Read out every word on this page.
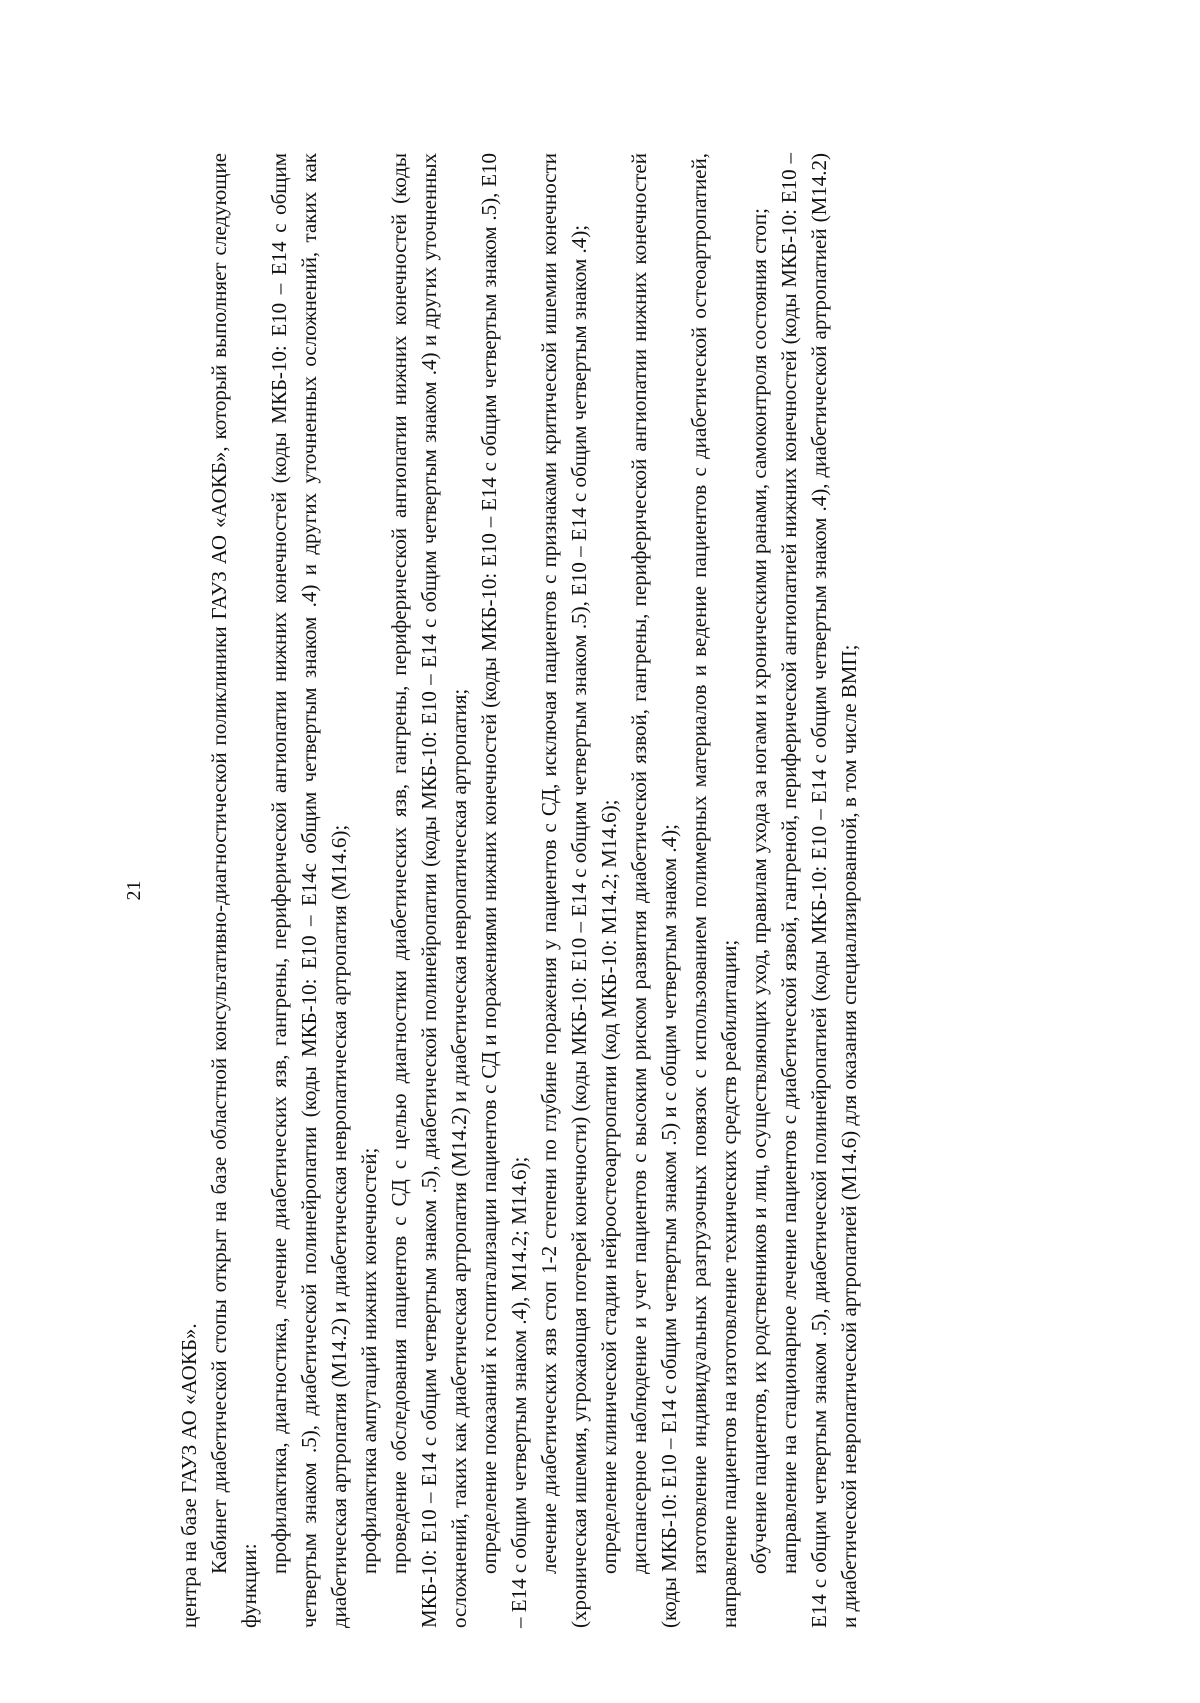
21

центра на базе ГАУЗ АО «АОКБ». Кабинет диабетической стопы открыт на базе областной консультативно-диагностической поликлиники ГАУЗ АО «АОКБ», который выполняет следующие функции:

профилактика, диагностика, лечение диабетических язв, гангрены, периферической ангиопатии нижних конечностей (коды МКБ-10: E10 – E14 с общим четвертым знаком .5), диабетической полинейропатии (коды МКБ-10: E10 – E14с общим четвертым знаком .4) и других уточненных осложнений, таких как диабетическая артропатия (M14.2) и диабетическая невропатическая артропатия (M14.6); профилактика ампутаций нижних конечностей; проведение обследования пациентов с СД с целью диагностики диабетических язв, гангрены, периферической ангиопатии нижних конечностей (коды МКБ-10: E10 – E14 с общим четвертым знаком .5), диабетической полинейропатии (коды МКБ-10: E10 – E14 с общим четвертым знаком .4) и других уточненных осложнений, таких как диабетическая артропатия (M14.2) и диабетическая невропатическая артропатия; определение показаний к госпитализации пациентов с СД и поражениями нижних конечностей (коды МКБ-10: E10 – E14 с общим четвертым знаком .5), E10 – E14 с общим четвертым знаком .4), M14.2; M14.6); лечение диабетических язв стоп 1-2 степени по глубине поражения у пациентов с СД, исключая пациентов с признаками критической ишемии конечности (хроническая ишемия, угрожающая потерей конечности) (коды МКБ-10: E10 – E14 с общим четвертым знаком .5), E10 – E14 с общим четвертым знаком .4); определение клинической стадии нейроостеоартропатии (код МКБ-10: M14.2; M14.6); диспансерное наблюдение и учет пациентов с высоким риском развития диабетической язвой, гангрены, периферической ангиопатии нижних конечностей (коды МКБ-10: E10 – E14 с общим четвертым знаком .5) и с общим четвертым знаком .4); изготовление индивидуальных разгрузочных повязок с использованием полимерных материалов и ведение пациентов с диабетической остеоартропатией, направление пациентов на изготовление технических средств реабилитации; обучение пациентов, их родственников и лиц, осуществляющих уход, правилам ухода за ногами и хроническими ранами, самоконтроля состояния стоп; направление на стационарное лечение пациентов с диабетической язвой, гангреной, периферической ангиопатией нижних конечностей (коды МКБ-10: E10 – E14 с общим четвертым знаком .5), диабетической полинейропатией (коды МКБ-10: E10 – E14 с общим четвертым знаком .4), диабетической артропатией (M14.2) и диабетической невропатической артропатией (M14.6) для оказания специализированной, в том числе ВМП;
